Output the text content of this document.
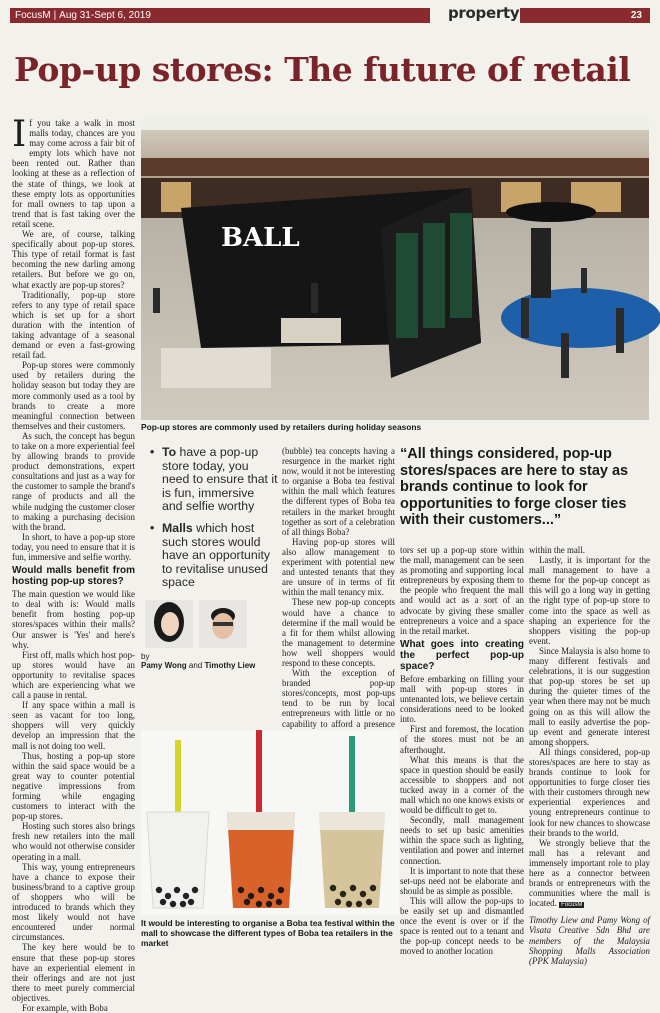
FocusM | Aug 31-Sept 6, 2019	property	23
Pop-up stores: The future of retail

If you take a walk in most malls today, chances are you may come across a fair bit of empty lots which have not been rented out. Rather than looking at these as a reflection of the state of things, we look at these empty lots as opportunities for mall owners to tap upon a trend that is fast taking over the retail scene.

We are, of course, talking specifically about pop-up stores. This type of retail format is fast becoming the new darling among retailers. But before we go on, what exactly are pop-up stores?

Traditionally, pop-up store refers to any type of retail space which is set up for a short duration with the intention of taking advantage of a seasonal demand or even a fast-growing retail fad.

Pop-up stores were commonly used by retailers during the holiday season but today they are more commonly used as a tool by brands to create a more meaningful connection between themselves and their customers.

As such, the concept has begun to take on a more experiential feel by allowing brands to provide product demonstrations, expert consultations and just as a way for the customer to sample the brand's range of products and all the while nudging the customer closer to making a purchasing decision with the brand.

In short, to have a pop-up store today, you need to ensure that it is fun, immersive and selfie worthy.

Would malls benefit from hosting pop-up stores?

The main question we would like to deal with is: Would malls benefit from hosting pop-up stores/spaces within their malls? Our answer is 'Yes' and here's why.

First off, malls which host pop-up stores would have an opportunity to revitalise spaces which are experiencing what we call a pause in rental.

If any space within a mall is seen as vacant for too long, shoppers will very quickly develop an impression that the mall is not doing too well.

Thus, hosting a pop-up store within the said space would be a great way to counter potential negative impressions from forming while engaging customers to interact with the pop-up stores.

Hosting such stores also brings fresh new retailers into the mall who would not otherwise consider operating in a mall.

This way, young entrepreneurs have a chance to expose their business/brand to a captive group of shoppers who will be introduced to brands which they most likely would not have encountered under normal circumstances.

The key here would be to ensure that these pop-up stores have an experiential element in their offerings and are not just there to meet purely commercial objectives.

For example, with Boba

BALL
Pop-up stores are commonly used by retailers during holiday seasons
• To have a pop-up store today, you need to ensure that it is fun, immersive and selfie worthy
• Malls which host such stores would have an opportunity to revitalise unused space
by
Pamy Wong and Timothy Liew

(bubble) tea concepts having a resurgence in the market right now, would it not be interesting to organise a Boba tea festival within the mall which features the different types of Boba tea retailers in the market brought together as sort of a celebration of all things Boba?

Having pop-up stores will also allow management to experiment with potential new and untested tenants that they are unsure of in terms of fit within the mall tenancy mix.

These new pop-up concepts would have a chance to determine if the mall would be a fit for them whilst allowing the management to determine how well shoppers would respond to these concepts.

With the exception of branded pop-up stores/concepts, most pop-ups tend to be run by local entrepreneurs with little or no capability to afford a presence

“All things considered, pop-up stores/spaces are here to stay as brands continue to look for opportunities to forge closer ties with their customers...”

tors set up a pop-up store within the mall, management can be seen as promoting and supporting local entrepreneurs by exposing them to the people who frequent the mall and would act as a sort of an advocate by giving these smaller entrepreneurs a voice and a space in the retail market.

What goes into creating the perfect pop-up space?

Before embarking on filling your mall with pop-up stores in untenanted lots, we believe certain considerations need to be looked into.

First and foremost, the location of the stores must not be an afterthought.

What this means is that the space in question should be easily accessible to shoppers and not tucked away in a corner of the mall which no one knows exists or would be difficult to get to.

Secondly, mall management needs to set up basic amenities within the space such as lighting, ventilation and power and internet connection.

It is important to note that these set-ups need not be elaborate and should be as simple as possible.

This will allow the pop-ups to be easily set up and dismantled once the event is over or if the space is rented out to a tenant and the pop-up concept needs to be moved to another location

within the mall.

Lastly, it is important for the mall management to have a theme for the pop-up concept as this will go a long way in getting the right type of pop-up store to come into the space as well as shaping an experience for the shoppers visiting the pop-up event.

Since Malaysia is also home to many different festivals and celebrations, it is our suggestion that pop-up stores be set up during the quieter times of the year when there may not be much going on as this will allow the mall to easily advertise the pop-up event and generate interest among shoppers.

All things considered, pop-up stores/spaces are here to stay as brands continue to look for opportunities to forge closer ties with their customers through new experiential experiences and young entrepreneurs continue to look for new chances to showcase their brands to the world.

We strongly believe that the mall has a relevant and immensely important role to play here as a connector between brands or entrepreneurs with the communities where the mall is located. FocusM

Timothy Liew and Pamy Wong of Visata Creative Sdn Bhd are members of the Malaysia Shopping Malls Association (PPK Malaysia)

It would be interesting to organise a Boba tea festival within the mall to showcase the different types of Boba tea retailers in the market
